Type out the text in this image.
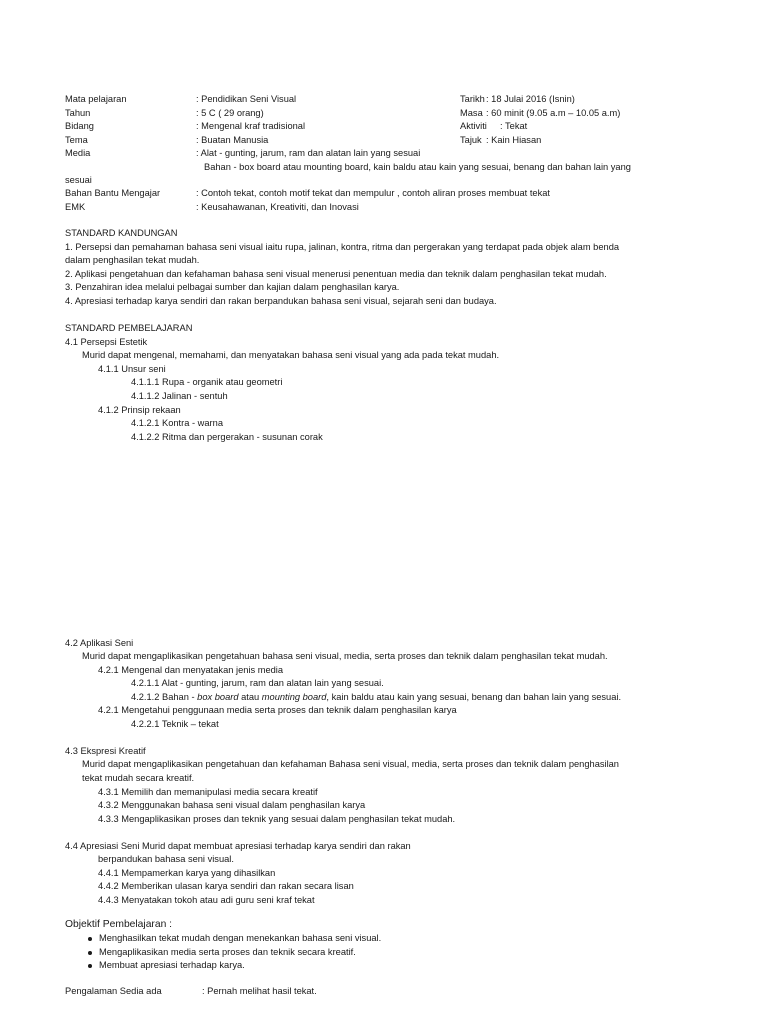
Mata pelajaran	: Pendidikan Seni Visual
Tahun	: 5 C ( 29 orang)
Bidang	: Mengenal kraf tradisional
Tema	: Buatan Manusia
Media	: Alat - gunting, jarum, ram dan alatan lain yang sesuai
Bahan - box board atau mounting board, kain baldu atau kain yang sesuai, benang dan bahan lain yang
sesuai
Bahan Bantu Mengajar	: Contoh tekat, contoh motif tekat dan mempulur , contoh aliran proses membuat tekat
EMK	: Keusahawanan, Kreativiti, dan Inovasi
Tarikh : 18 Julai 2016 (Isnin)
Masa : 60 minit (9.05 a.m – 10.05 a.m)
Aktiviti : Tekat
Tajuk : Kain Hiasan
STANDARD KANDUNGAN
1. Persepsi dan pemahaman bahasa seni visual iaitu rupa, jalinan, kontra, ritma dan pergerakan yang terdapat pada objek alam benda
dalam penghasilan tekat mudah.
2. Aplikasi pengetahuan dan kefahaman bahasa seni visual menerusi penentuan media dan teknik dalam penghasilan tekat mudah.
3. Penzahiran idea melalui pelbagai sumber dan kajian dalam penghasilan karya.
4. Apresiasi terhadap karya sendiri dan rakan berpandukan bahasa seni visual, sejarah seni dan budaya.
STANDARD PEMBELAJARAN
4.1 Persepsi Estetik
Murid dapat mengenal, memahami, dan menyatakan bahasa seni visual yang ada pada tekat mudah.
4.1.1 Unsur seni
4.1.1.1 Rupa - organik atau geometri
4.1.1.2 Jalinan - sentuh
4.1.2 Prinsip rekaan
4.1.2.1 Kontra - warna
4.1.2.2 Ritma dan pergerakan - susunan corak
4.2 Aplikasi Seni
Murid dapat mengaplikasikan pengetahuan bahasa seni visual, media, serta proses dan teknik dalam penghasilan tekat mudah.
4.2.1 Mengenal dan menyatakan jenis media
4.2.1.1 Alat - gunting, jarum, ram dan alatan lain yang sesuai.
4.2.1.2 Bahan - box board atau mounting board, kain baldu atau kain yang sesuai, benang dan bahan lain yang sesuai.
4.2.1 Mengetahui penggunaan media serta proses dan teknik dalam penghasilan karya
4.2.2.1 Teknik – tekat
4.3 Ekspresi Kreatif
Murid dapat mengaplikasikan pengetahuan dan kefahaman Bahasa seni visual, media, serta proses dan teknik dalam penghasilan
tekat mudah secara kreatif.
4.3.1 Memilih dan memanipulasi media secara kreatif
4.3.2 Menggunakan bahasa seni visual dalam penghasilan karya
4.3.3 Mengaplikasikan proses dan teknik yang sesuai dalam penghasilan tekat mudah.
4.4 Apresiasi Seni Murid dapat membuat apresiasi terhadap karya sendiri dan rakan
berpandukan bahasa seni visual.
4.4.1 Mempamerkan karya yang dihasilkan
4.4.2 Memberikan ulasan karya sendiri dan rakan secara lisan
4.4.3 Menyatakan tokoh atau adi guru seni kraf tekat
Objektif Pembelajaran :
Menghasilkan tekat mudah dengan menekankan bahasa seni visual.
Mengaplikasikan media serta proses dan teknik secara kreatif.
Membuat apresiasi terhadap karya.
Pengalaman Sedia ada	: Pernah melihat hasil tekat.
